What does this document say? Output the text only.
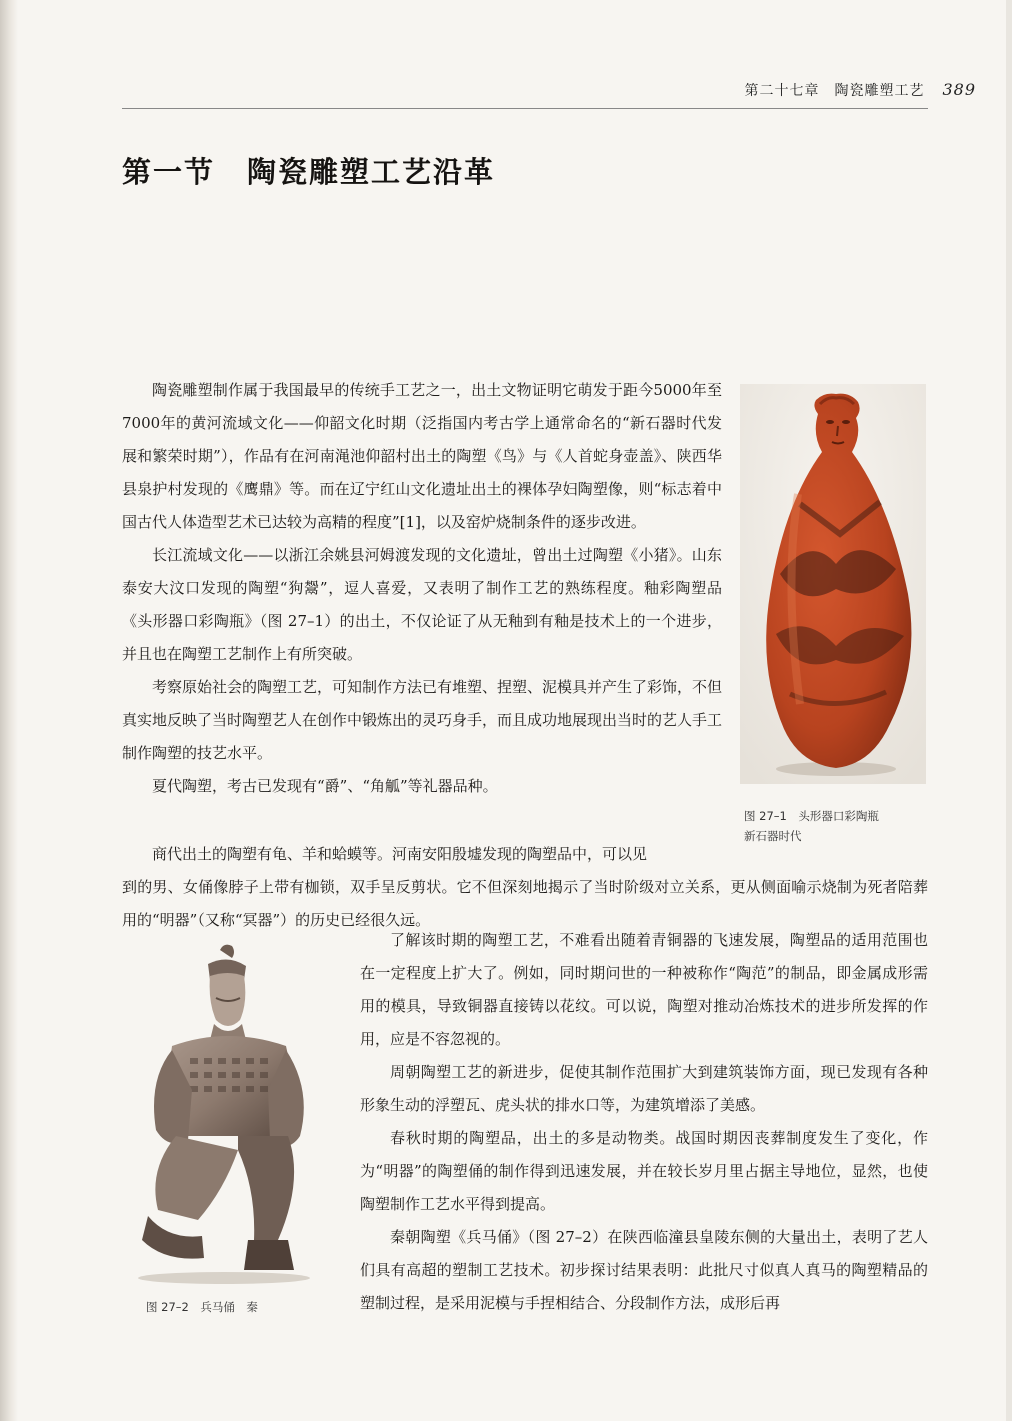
第二十七章　陶瓷雕塑工艺 389
第一节 陶瓷雕塑工艺沿革

陶瓷雕塑制作属于我国最早的传统手工艺之一，出土文物证明它萌发于距今5000年至7000年的黄河流域文化——仰韶文化时期（泛指国内考古学上通常命名的“新石器时代发展和繁荣时期”），作品有在河南渑池仰韶村出土的陶塑《鸟》与《人首蛇身壶盖》、陕西华县泉护村发现的《鹰鼎》等。而在辽宁红山文化遗址出土的裸体孕妇陶塑像，则“标志着中国古代人体造型艺术已达较为高精的程度”[1]，以及窑炉烧制条件的逐步改进。

长江流域文化——以浙江余姚县河姆渡发现的文化遗址，曾出土过陶塑《小猪》。山东泰安大汶口发现的陶塑“狗鬶”，逗人喜爱，又表明了制作工艺的熟练程度。釉彩陶塑品《头形器口彩陶瓶》（图 27–1）的出土，不仅论证了从无釉到有釉是技术上的一个进步，并且也在陶塑工艺制作上有所突破。

考察原始社会的陶塑工艺，可知制作方法已有堆塑、捏塑、泥模具并产生了彩饰，不但真实地反映了当时陶塑艺人在创作中锻炼出的灵巧身手，而且成功地展现出当时的艺人手工制作陶塑的技艺水平。

夏代陶塑，考古已发现有“爵”、“角觚”等礼器品种。

图 27–1　头形器口彩陶瓶
新石器时代
商代出土的陶塑有龟、羊和蛤蟆等。河南安阳殷墟发现的陶塑品中，可以见

到的男、女俑像脖子上带有枷锁，双手呈反剪状。它不但深刻地揭示了当时阶级对立关系，更从侧面喻示烧制为死者陪葬用的“明器”（又称“冥器”）的历史已经很久远。

图 27–2　兵马俑　秦

了解该时期的陶塑工艺，不难看出随着青铜器的飞速发展，陶塑品的适用范围也在一定程度上扩大了。例如，同时期问世的一种被称作“陶范”的制品，即金属成形需用的模具，导致铜器直接铸以花纹。可以说，陶塑对推动冶炼技术的进步所发挥的作用，应是不容忽视的。

周朝陶塑工艺的新进步，促使其制作范围扩大到建筑装饰方面，现已发现有各种形象生动的浮塑瓦、虎头状的排水口等，为建筑增添了美感。

春秋时期的陶塑品，出土的多是动物类。战国时期因丧葬制度发生了变化，作为“明器”的陶塑俑的制作得到迅速发展，并在较长岁月里占据主导地位，显然，也使陶塑制作工艺水平得到提高。

秦朝陶塑《兵马俑》（图 27–2）在陕西临潼县皇陵东侧的大量出土，表明了艺人们具有高超的塑制工艺技术。初步探讨结果表明：此批尺寸似真人真马的陶塑精品的塑制过程，是采用泥模与手捏相结合、分段制作方法，成形后再
